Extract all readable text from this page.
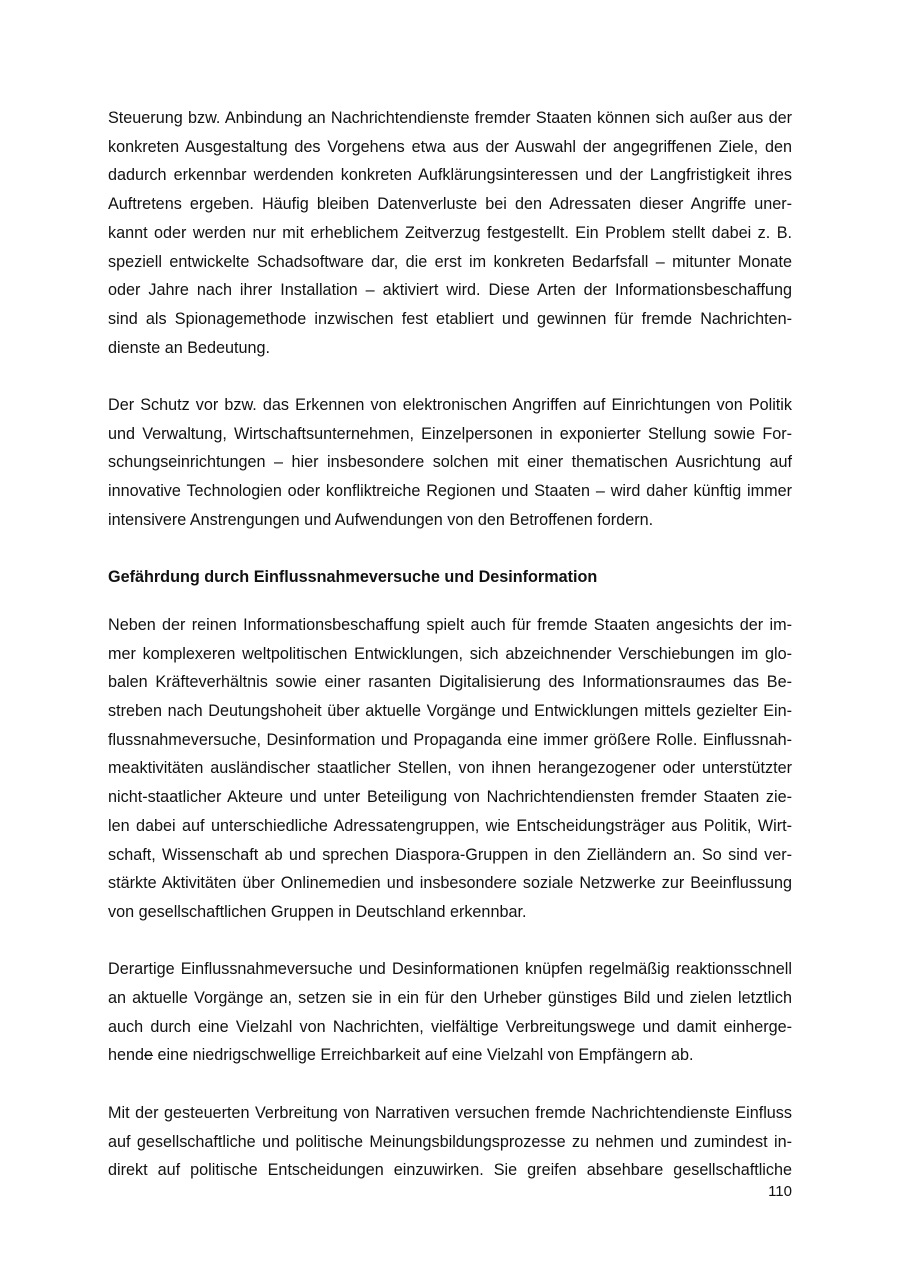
Steuerung bzw. Anbindung an Nachrichtendienste fremder Staaten können sich außer aus der
konkreten Ausgestaltung des Vorgehens etwa aus der Auswahl der angegriffenen Ziele, den
dadurch erkennbar werdenden konkreten Aufklärungsinteressen und der Langfristigkeit ihres
Auftretens ergeben. Häufig bleiben Datenverluste bei den Adressaten dieser Angriffe uner-
kannt oder werden nur mit erheblichem Zeitverzug festgestellt. Ein Problem stellt dabei z. B.
speziell entwickelte Schadsoftware dar, die erst im konkreten Bedarfsfall – mitunter Monate
oder Jahre nach ihrer Installation – aktiviert wird. Diese Arten der Informationsbeschaffung
sind als Spionagemethode inzwischen fest etabliert und gewinnen für fremde Nachrichten-
dienste an Bedeutung.

Der Schutz vor bzw. das Erkennen von elektronischen Angriffen auf Einrichtungen von Politik
und Verwaltung, Wirtschaftsunternehmen, Einzelpersonen in exponierter Stellung sowie For-
schungseinrichtungen – hier insbesondere solchen mit einer thematischen Ausrichtung auf
innovative Technologien oder konfliktreiche Regionen und Staaten – wird daher künftig immer
intensivere Anstrengungen und Aufwendungen von den Betroffenen fordern.

Gefährdung durch Einflussnahmeversuche und Desinformation

Neben der reinen Informationsbeschaffung spielt auch für fremde Staaten angesichts der im-
mer komplexeren weltpolitischen Entwicklungen, sich abzeichnender Verschiebungen im glo-
balen Kräfteverhältnis sowie einer rasanten Digitalisierung des Informationsraumes das Be-
streben nach Deutungshoheit über aktuelle Vorgänge und Entwicklungen mittels gezielter Ein-
flussnahmeversuche, Desinformation und Propaganda eine immer größere Rolle. Einflussnah-
meaktivitäten ausländischer staatlicher Stellen, von ihnen herangezogener oder unterstützter
nicht-staatlicher Akteure und unter Beteiligung von Nachrichtendiensten fremder Staaten zie-
len dabei auf unterschiedliche Adressatengruppen, wie Entscheidungsträger aus Politik, Wirt-
schaft, Wissenschaft ab und sprechen Diaspora-Gruppen in den Zielländern an. So sind ver-
stärkte Aktivitäten über Onlinemedien und insbesondere soziale Netzwerke zur Beeinflussung
von gesellschaftlichen Gruppen in Deutschland erkennbar.

Derartige Einflussnahmeversuche und Desinformationen knüpfen regelmäßig reaktionsschnell
an aktuelle Vorgänge an, setzen sie in ein für den Urheber günstiges Bild und zielen letztlich
auch durch eine Vielzahl von Nachrichten, vielfältige Verbreitungswege und damit einherge-
hende eine niedrigschwellige Erreichbarkeit auf eine Vielzahl von Empfängern ab.

Mit der gesteuerten Verbreitung von Narrativen versuchen fremde Nachrichtendienste Einfluss
auf gesellschaftliche und politische Meinungsbildungsprozesse zu nehmen und zumindest in-
direkt auf politische Entscheidungen einzuwirken. Sie greifen absehbare gesellschaftliche

110
